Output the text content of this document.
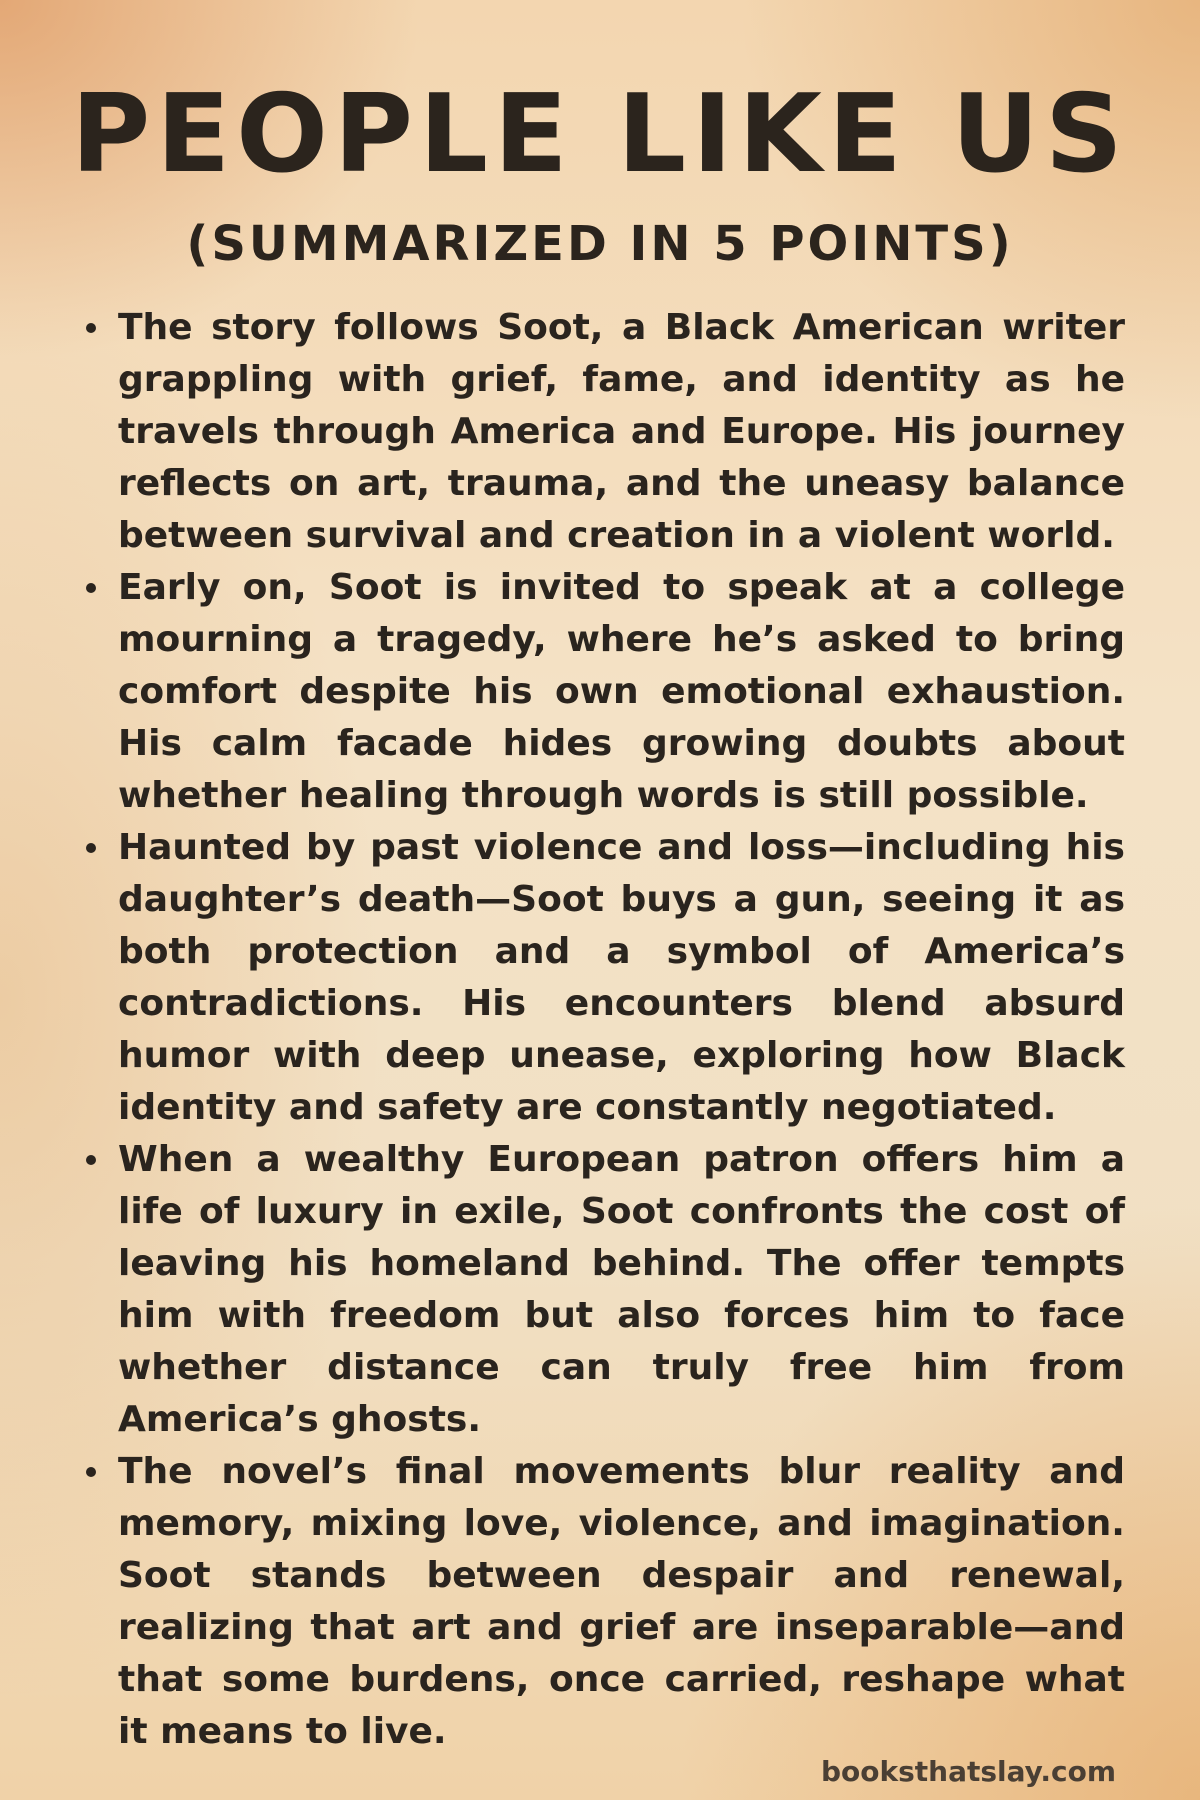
PEOPLE LIKE US
(SUMMARIZED IN 5 POINTS)
The story follows Soot, a Black American writer grappling with grief, fame, and identity as he travels through America and Europe. His journey reflects on art, trauma, and the uneasy balance between survival and creation in a violent world.
Early on, Soot is invited to speak at a college mourning a tragedy, where he’s asked to bring comfort despite his own emotional exhaustion. His calm facade hides growing doubts about whether healing through words is still possible.
Haunted by past violence and loss—including his daughter’s death—Soot buys a gun, seeing it as both protection and a symbol of America’s contradictions. His encounters blend absurd humor with deep unease, exploring how Black identity and safety are constantly negotiated.
When a wealthy European patron offers him a life of luxury in exile, Soot confronts the cost of leaving his homeland behind. The offer tempts him with freedom but also forces him to face whether distance can truly free him from America’s ghosts.
The novel’s final movements blur reality and memory, mixing love, violence, and imagination. Soot stands between despair and renewal, realizing that art and grief are inseparable—and that some burdens, once carried, reshape what it means to live.
booksthatslay.com
